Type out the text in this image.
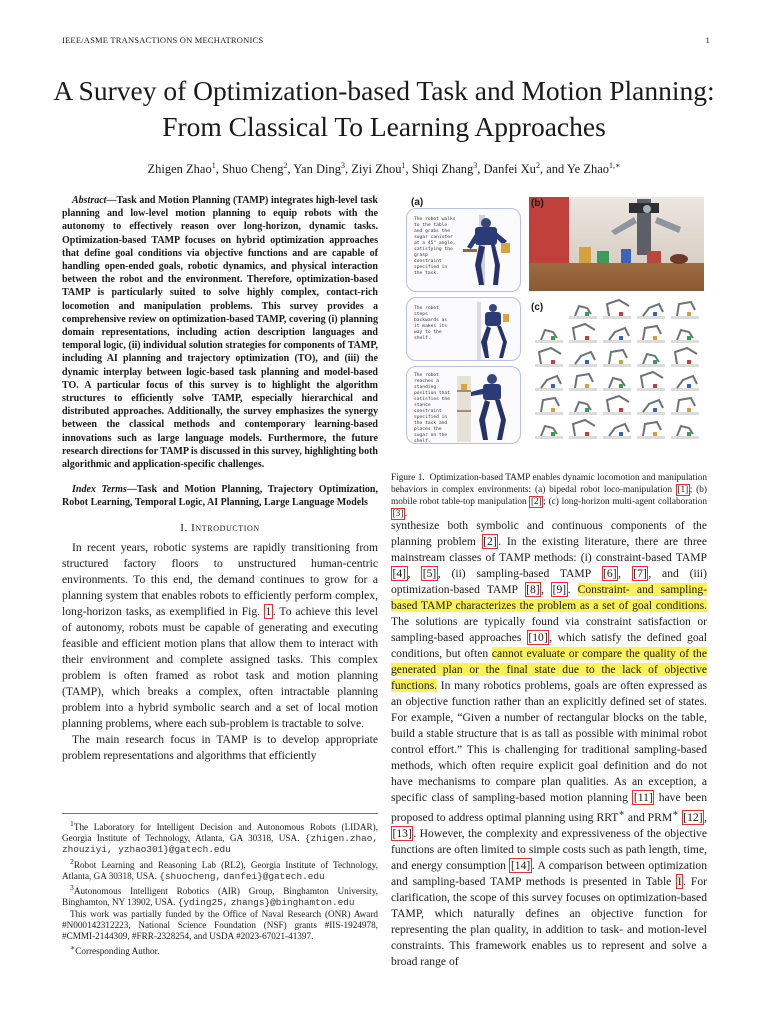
IEEE/ASME TRANSACTIONS ON MECHATRONICS	1
A Survey of Optimization-based Task and Motion Planning: From Classical To Learning Approaches
Zhigen Zhao$^1$, Shuo Cheng$^2$, Yan Ding$^3$, Ziyi Zhou$^1$, Shiqi Zhang$^3$, Danfei Xu$^2$, and Ye Zhao$^{1,∗}$

Abstract—Task and Motion Planning (TAMP) integrates high-level task planning and low-level motion planning to equip robots with the autonomy to effectively reason over long-horizon, dynamic tasks. Optimization-based TAMP focuses on hybrid optimization approaches that define goal conditions via objective functions and are capable of handling open-ended goals, robotic dynamics, and physical interaction between the robot and the environment. Therefore, optimization-based TAMP is particularly suited to solve highly complex, contact-rich locomotion and manipulation problems. This survey provides a comprehensive review on optimization-based TAMP, covering (i) planning domain representations, including action description languages and temporal logic, (ii) individual solution strategies for components of TAMP, including AI planning and trajectory optimization (TO), and (iii) the dynamic interplay between logic-based task planning and model-based TO. A particular focus of this survey is to highlight the algorithm structures to efficiently solve TAMP, especially hierarchical and distributed approaches. Additionally, the survey emphasizes the synergy between the classical methods and contemporary learning-based innovations such as large language models. Furthermore, the future research directions for TAMP is discussed in this survey, highlighting both algorithmic and application-specific challenges.

Index Terms—Task and Motion Planning, Trajectory Optimization, Robot Learning, Temporal Logic, AI Planning, Large Language Models

I. Introduction

In recent years, robotic systems are rapidly transitioning from structured factory floors to unstructured human-centric environments. To this end, the demand continues to grow for a planning system that enables robots to efficiently perform complex, long-horizon tasks, as exemplified in Fig. 1 . To achieve this level of autonomy, robots must be capable of generating and executing feasible and efficient motion plans that allow them to interact with their environment and complete assigned tasks. This complex problem is often framed as robot task and motion planning (TAMP), which breaks a complex, often intractable planning problem into a hybrid symbolic search and a set of local motion planning problems, where each sub-problem is tractable to solve.

The main research focus in TAMP is to develop appropriate problem representations and algorithms that efficiently

$^1$The Laboratory for Intelligent Decision and Autonomous Robots (LIDAR), Georgia Institute of Technology, Atlanta, GA 30318, USA. {zhigen.zhao, zhouziyi, yzhao301}@gatech.edu

$^2$Robot Learning and Reasoning Lab (RL2), Georgia Institute of Technology, Atlanta, GA 30318, USA. {shuocheng, danfei}@gatech.edu

$^3$Autonomous Intelligent Robotics (AIR) Group, Binghamton University, Binghamton, NY 13902, USA. {yding25, zhangs}@binghamton.edu

This work was partially funded by the Office of Naval Research (ONR) Award #N000142312223, National Science Foundation (NSF) grants #IIS-1924978, #CMMI-2144309, #FRR-2328254, and USDA #2023-67021-41397.

∗Corresponding Author.

(a)
The robot walks to the table and grabs the sugar canister at a 45° angle, satisfying the grasp constraint specified in the task.
The robot steps backwards as it makes its way to the shelf.
The robot reaches a standing position that satisfies the stance constraint specified in the task and places the sugar on the shelf.
(b)
(c)
Figure 1. Optimization-based TAMP enables dynamic locomotion and manipulation behaviors in complex environments: (a) bipedal robot loco-manipulation [1] ; (b) mobile robot table-top manipulation [2] ; (c) long-horizon multi-agent collaboration [3] .

synthesize both symbolic and continuous components of the planning problem [2] . In the existing literature, there are three mainstream classes of TAMP methods: (i) constraint-based TAMP [4] , [5] , (ii) sampling-based TAMP [6] , [7] , and (iii) optimization-based TAMP [8] , [9] . Constraint- and sampling-based TAMP characterizes the problem as a set of goal conditions. The solutions are typically found via constraint satisfaction or sampling-based approaches [10] , which satisfy the defined goal conditions, but often cannot evaluate or compare the quality of the generated plan or the final state due to the lack of objective functions. In many robotics problems, goals are often expressed as an objective function rather than an explicitly defined set of states. For example, “Given a number of rectangular blocks on the table, build a stable structure that is as tall as possible with minimal robot control effort.” This is challenging for traditional sampling-based methods, which often require explicit goal definition and do not have mechanisms to compare plan qualities. As an exception, a specific class of sampling-based motion planning [11] have been proposed to address optimal planning using RRT∗ and PRM∗ [12] , [13] . However, the complexity and expressiveness of the objective functions are often limited to simple costs such as path length, time, and energy consumption [14] . A comparison between optimization and sampling-based TAMP methods is presented in Table I . For clarification, the scope of this survey focuses on optimization-based TAMP, which naturally defines an objective function for representing the plan quality, in addition to task- and motion-level constraints. This framework enables us to represent and solve a broad range of
